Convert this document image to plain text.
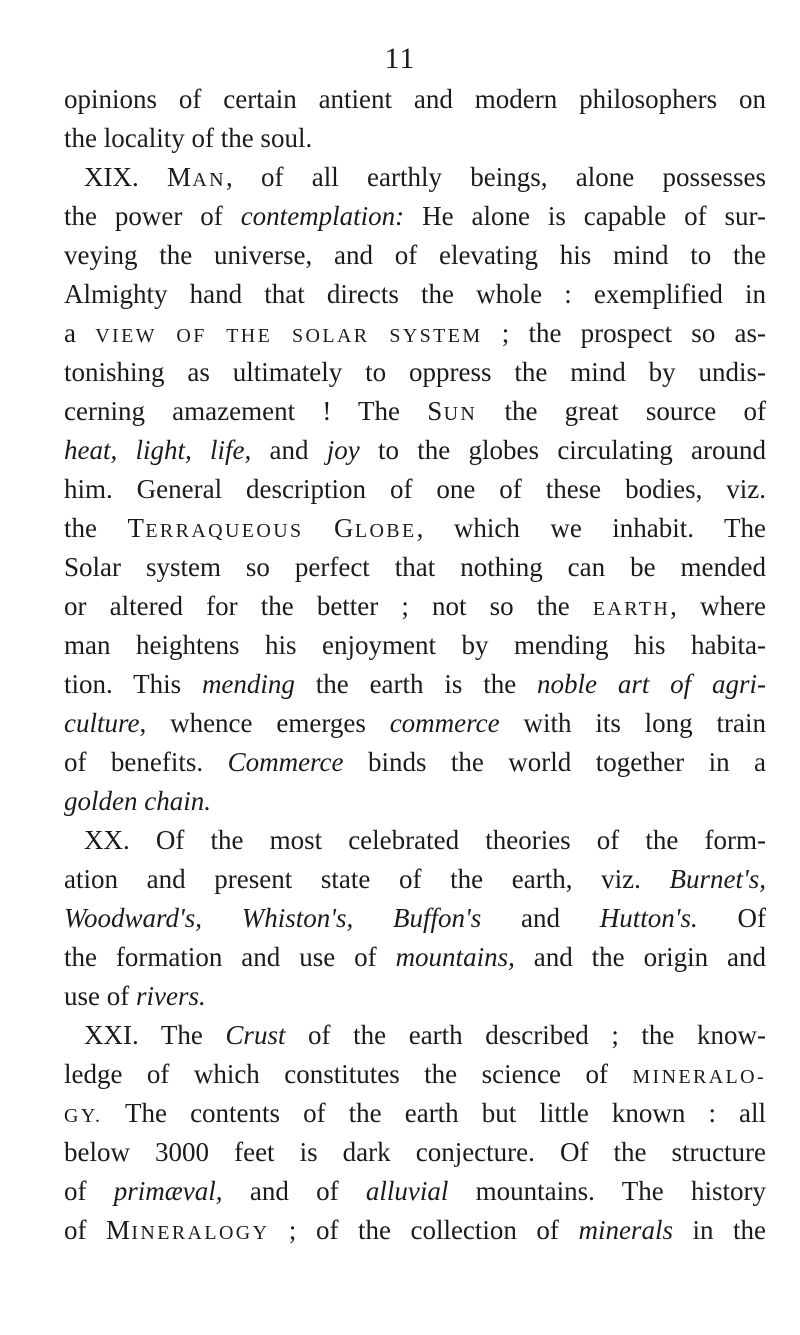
11
opinions of certain antient and modern philosophers on
the locality of the soul.
XIX. MAN, of all earthly beings, alone possesses
the power of contemplation: He alone is capable of sur-
veying the universe, and of elevating his mind to the
Almighty hand that directs the whole : exemplified in
a VIEW OF THE SOLAR SYSTEM ; the prospect so as-
tonishing as ultimately to oppress the mind by undis-
cerning amazement ! The SUN the great source of
heat, light, life, and joy to the globes circulating around
him. General description of one of these bodies, viz.
the TERRAQUEOUS GLOBE, which we inhabit. The
Solar system so perfect that nothing can be mended
or altered for the better ; not so the EARTH, where
man heightens his enjoyment by mending his habita-
tion. This mending the earth is the noble art of agri-
culture, whence emerges commerce with its long train
of benefits. Commerce binds the world together in a
golden chain.
XX. Of the most celebrated theories of the form-
ation and present state of the earth, viz. Burnet's,
Woodward's, Whiston's, Buffon's and Hutton's. Of
the formation and use of mountains, and the origin and
use of rivers.
XXI. The Crust of the earth described ; the know-
ledge of which constitutes the science of MINERALO-
GY. The contents of the earth but little known : all
below 3000 feet is dark conjecture. Of the structure
of primæval, and of alluvial mountains. The history
of MINERALOGY ; of the collection of minerals in the
